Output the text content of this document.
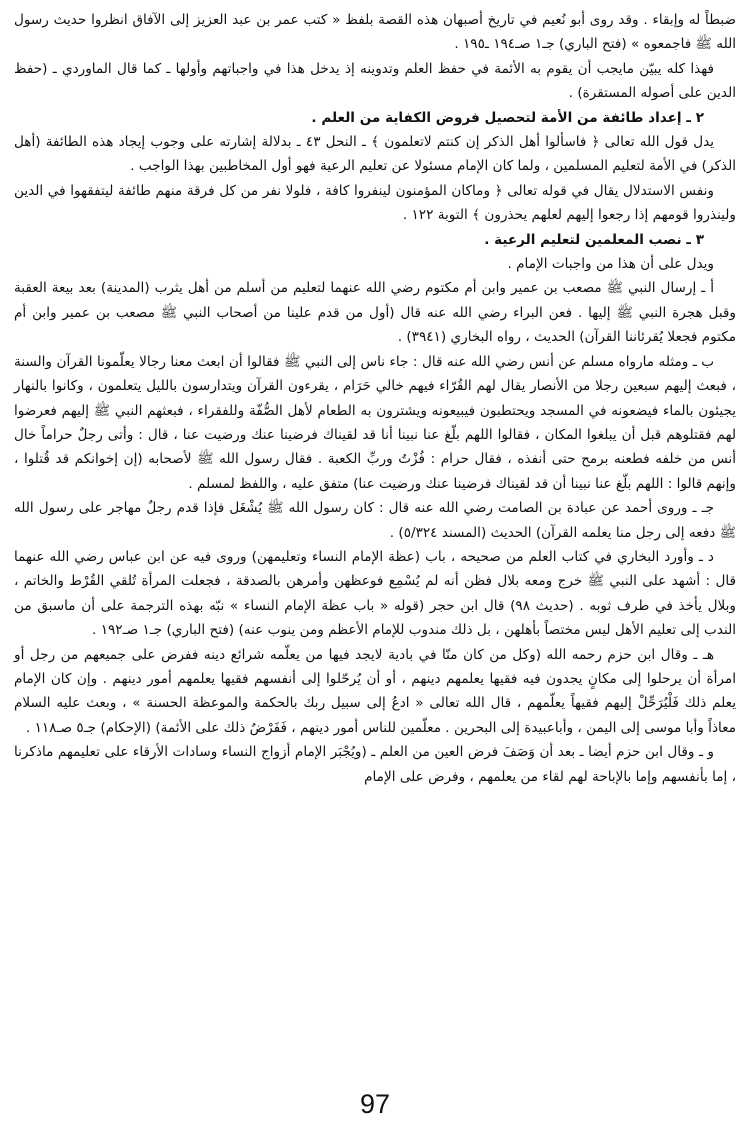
ضبطاً له وإبقاء . وقد روى أبو نُعيم في تاريخ أصبهان هذه القصة بلفظ « كتب عمر بن عبد العزيز إلى الآفاق انظروا حديث رسول الله ﷺ فاجمعوه » (فتح الباري) جـ١ صـ١٩٤ ـ١٩٥ .

فهذا كله يبيّن مايجب أن يقوم به الأئمة في حفظ العلم وتدوينه إذ يدخل هذا في واجباتهم وأولها ـ كما قال الماوردي ـ (حفظ الدين على أصوله المستقرة) .

٢ ـ إعداد طائفة من الأمة لتحصيل فروض الكفاية من العلم .

يدل قول الله تعالى ﴿ فاسألوا أهل الذكر إن كنتم لاتعلمون ﴾ ـ النحل ٤٣ ـ بدلالة إشارته على وجوب إيجاد هذه الطائفة (أهل الذكر) في الأمة لتعليم المسلمين ، ولما كان الإمام مسئولا عن تعليم الرعية فهو أول المخاطبين بهذا الواجب .

ونفس الاستدلال يقال في قوله تعالى ﴿ وماكان المؤمنون لينفروا كافة ، فلولا نفر من كل فرقة منهم طائفة ليتفقهوا في الدين ولينذروا قومهم إذا رجعوا إليهم لعلهم يحذرون ﴾ التوبة ١٢٢ .

٣ ـ نصب المعلمين لتعليم الرعية .

ويدل على أن هذا من واجبات الإمام .

أ ـ إرسال النبي ﷺ مصعب بن عمير وابن أم مكتوم رضي الله عنهما لتعليم من أسلم من أهل يثرب (المدينة) بعد بيعة العقبة وقبل هجرة النبي ﷺ إليها . فعن البراء رضي الله عنه قال (أول من قدم علينا من أصحاب النبي ﷺ مصعب بن عمير وابن أم مكتوم فجعلا يُقرئاننا القرآن) الحديث ، رواه البخاري (٣٩٤١) .

ب ـ ومثله مارواه مسلم عن أنس رضي الله عنه قال : جاء ناس إلى النبي ﷺ فقالوا أن ابعث معنا رجالا يعلّمونا القرآن والسنة ، فبعث إليهم سبعين رجلا من الأنصار يقال لهم القُرّاء فيهم خالي حَرَام ، يقرءون القرآن ويتدارسون بالليل يتعلمون ، وكانوا بالنهار يجيئون بالماء فيضعونه في المسجد ويحتطبون فيبيعونه ويشترون به الطعام لأهل الصُّفّة وللفقراء ، فبعثهم النبي ﷺ إليهم فعرضوا لهم فقتلوهم قبل أن يبلغوا المكان ، فقالوا اللهم بلّغ عنا نبينا أنا قد لقيناك فرضينا عنك ورضيت عنا ، قال : وأتى رجلٌ حراماً خال أنس من خلفه فطعنه برمح حتى أنفذه ، فقال حرام : فُزْتُ وربِّ الكعبة . فقال رسول الله ﷺ لأصحابه (إن إخوانكم قد قُتلوا ، وإنهم قالوا : اللهم بلّغ عنا نبينا أن قد لقيناك فرضينا عنك ورضيت عنا) متفق عليه ، واللفظ لمسلم .

جـ ـ وروى أحمد عن عبادة بن الصامت رضي الله عنه قال : كان رسول الله ﷺ يُشْغَل فإذا قدم رجلٌ مهاجر على رسول الله ﷺ دفعه إلى رجل منا يعلمه القرآن) الحديث (المسند ٥/٣٢٤) .

د ـ وأورد البخاري في كتاب العلم من صحيحه ، باب (عظة الإمام النساء وتعليمهن) وروى فيه عن ابن عباس رضي الله عنهما قال : أشهد على النبي ﷺ خرج ومعه بلال فظن أنه لم يُسْمِع فوعظهن وأمرهن بالصدقة ، فجعلت المرأة تُلقي القُرْط والخاتم ، وبلال يأخذ في طرف ثوبه . (حديث ٩٨) قال ابن حجر (قوله « باب عظة الإمام النساء » نبّه بهذه الترجمة على أن ماسبق من الندب إلى تعليم الأهل ليس مختصاً بأهلهن ، بل ذلك مندوب للإمام الأعظم ومن ينوب عنه) (فتح الباري) جـ١ صـ١٩٢ .

هـ ـ وقال ابن حزم رحمه الله (وكل من كان منّا في بادية لايجد فيها من يعلّمه شرائع دينه ففرض على جميعهم من رجل أو امرأة أن يرحلوا إلى مكانٍ يجدون فيه فقيها يعلمهم دينهم ، أو أن يُرحّلوا إلى أنفسهم فقيها يعلمهم أمور دينهم . وإن كان الإمام يعلم ذلك فَلْيُرَحِّلْ إليهم فقيهاً يعلّمهم ، قال الله تعالى « ادعُ إلى سبيل ربك بالحكمة والموعظة الحسنة » ، وبعث عليه السلام معاذاً وأبا موسى إلى اليمن ، وأباعبيدة إلى البحرين . معلّمين للناس أمور دينهم ، فَفَرْضٌ ذلك على الأئمة) (الإحكام) جـ٥ صـ١١٨ .

و ـ وقال ابن حزم أيضا ـ بعد أن وَصَفَ فرض العين من العلم ـ (ويُجْبَر الإمام أزواج النساء وسادات الأرقاء على تعليمهم ماذكرنا ، إما بأنفسهم وإما بالإباحة لهم لقاء من يعلمهم ، وفرض على الإمام

97
